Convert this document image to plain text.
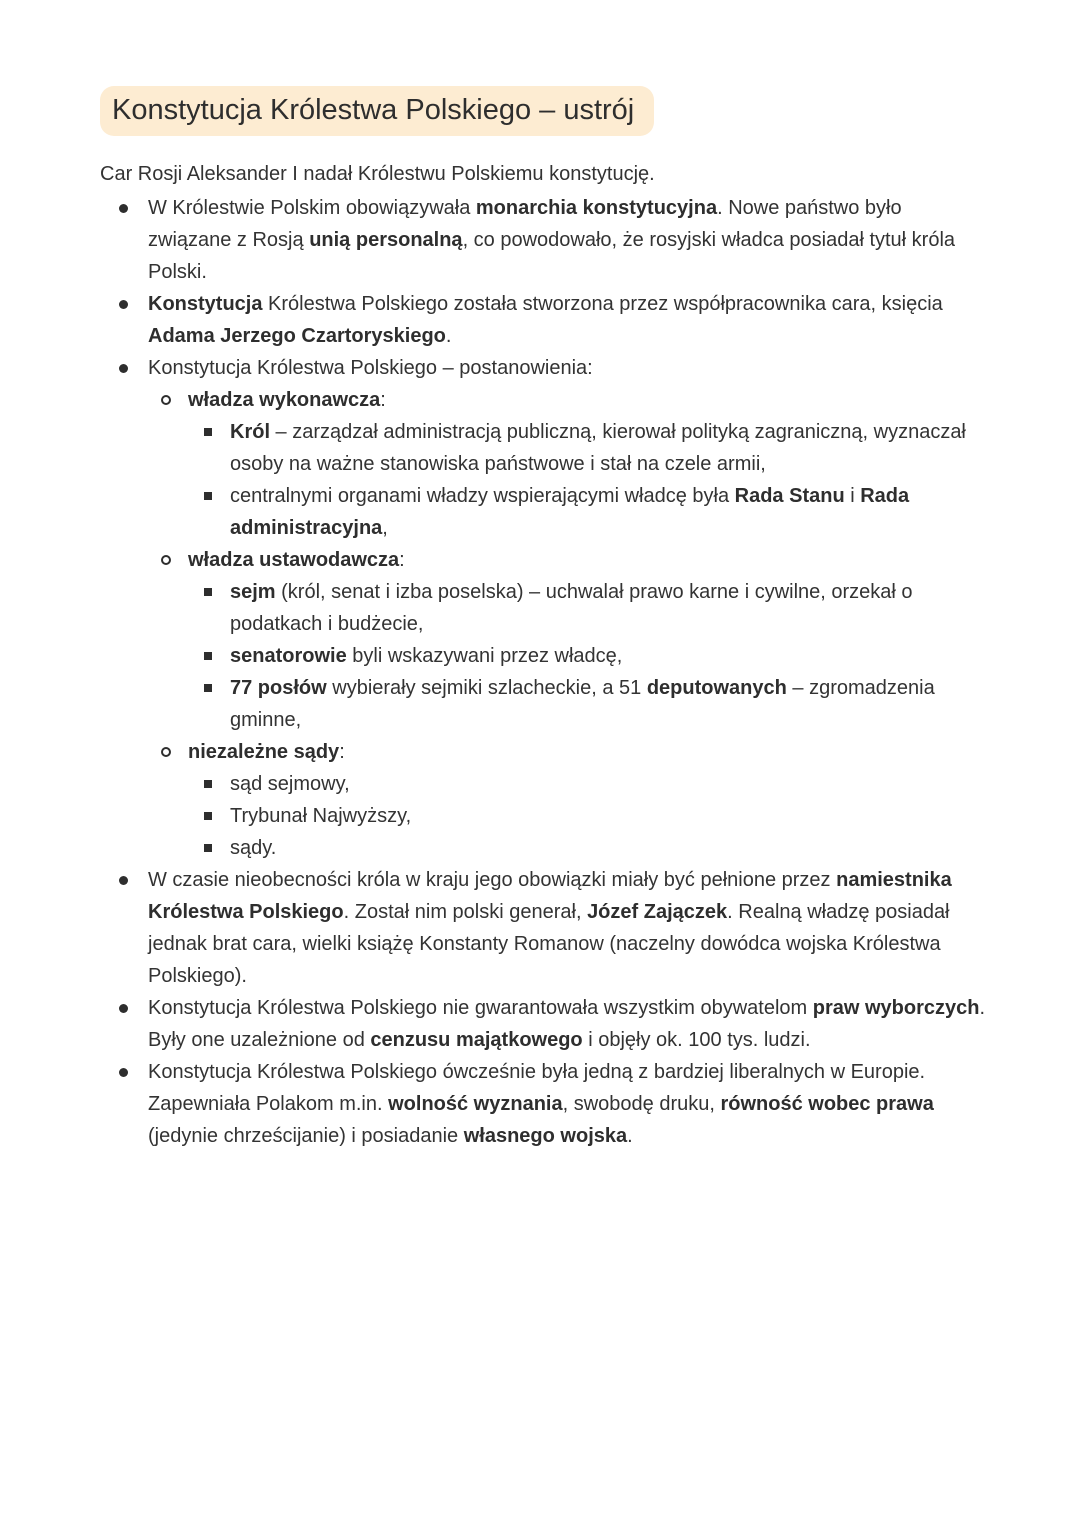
Konstytucja Królestwa Polskiego – ustrój

Car Rosji Aleksander I nadał Królestwu Polskiemu konstytucję.

W Królestwie Polskim obowiązywała monarchia konstytucyjna. Nowe państwo było związane z Rosją unią personalną, co powodowało, że rosyjski władca posiadał tytuł króla Polski.
Konstytucja Królestwa Polskiego została stworzona przez współpracownika cara, księcia Adama Jerzego Czartoryskiego.
Konstytucja Królestwa Polskiego – postanowienia:
władza wykonawcza:
Król – zarządzał administracją publiczną, kierował polityką zagraniczną, wyznaczał osoby na ważne stanowiska państwowe i stał na czele armii,
centralnymi organami władzy wspierającymi władcę była Rada Stanu i Rada administracyjna,
władza ustawodawcza:
sejm (król, senat i izba poselska) – uchwalał prawo karne i cywilne, orzekał o podatkach i budżecie,
senatorowie byli wskazywani przez władcę,
77 posłów wybierały sejmiki szlacheckie, a 51 deputowanych – zgromadzenia gminne,
niezależne sądy:
sąd sejmowy,
Trybunał Najwyższy,
sądy.
W czasie nieobecności króla w kraju jego obowiązki miały być pełnione przez namiestnika Królestwa Polskiego. Został nim polski generał, Józef Zajączek. Realną władzę posiadał jednak brat cara, wielki książę Konstanty Romanow (naczelny dowódca wojska Królestwa Polskiego).
Konstytucja Królestwa Polskiego nie gwarantowała wszystkim obywatelom praw wyborczych. Były one uzależnione od cenzusu majątkowego i objęły ok. 100 tys. ludzi.
Konstytucja Królestwa Polskiego ówcześnie była jedną z bardziej liberalnych w Europie. Zapewniała Polakom m.in. wolność wyznania, swobodę druku, równość wobec prawa (jedynie chrześcijanie) i posiadanie własnego wojska.
